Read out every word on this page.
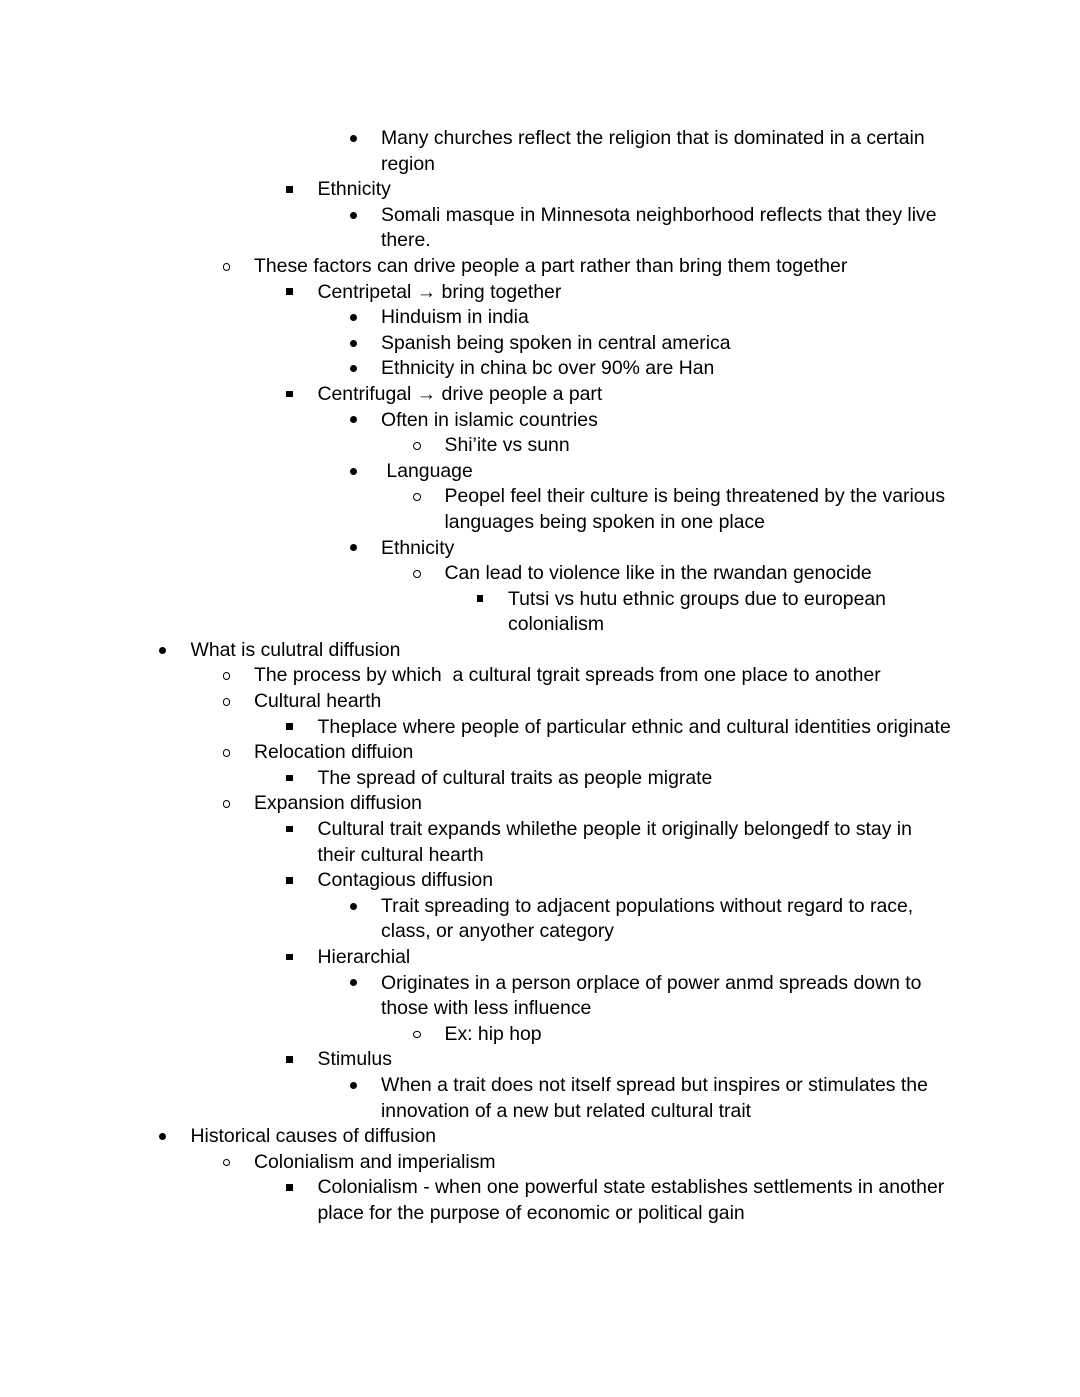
Many churches reflect the religion that is dominated in a certain region
Ethnicity
Somali masque in Minnesota neighborhood reflects that they live there.
These factors can drive people a part rather than bring them together
Centripetal → bring together
Hinduism in india
Spanish being spoken in central america
Ethnicity in china bc over 90% are Han
Centrifugal → drive people a part
Often in islamic countries
Shi’ite vs sunn
Language
Peopel feel their culture is being threatened by the various languages being spoken in one place
Ethnicity
Can lead to violence like in the rwandan genocide
Tutsi vs hutu ethnic groups due to european colonialism
What is culutral diffusion
The process by which  a cultural tgrait spreads from one place to another
Cultural hearth
Theplace where people of particular ethnic and cultural identities originate
Relocation diffuion
The spread of cultural traits as people migrate
Expansion diffusion
Cultural trait expands whilethe people it originally belongedf to stay in their cultural hearth
Contagious diffusion
Trait spreading to adjacent populations without regard to race, class, or anyother category
Hierarchial
Originates in a person orplace of power anmd spreads down to those with less influence
Ex: hip hop
Stimulus
When a trait does not itself spread but inspires or stimulates the innovation of a new but related cultural trait
Historical causes of diffusion
Colonialism and imperialism
Colonialism - when one powerful state establishes settlements in another place for the purpose of economic or political gain
